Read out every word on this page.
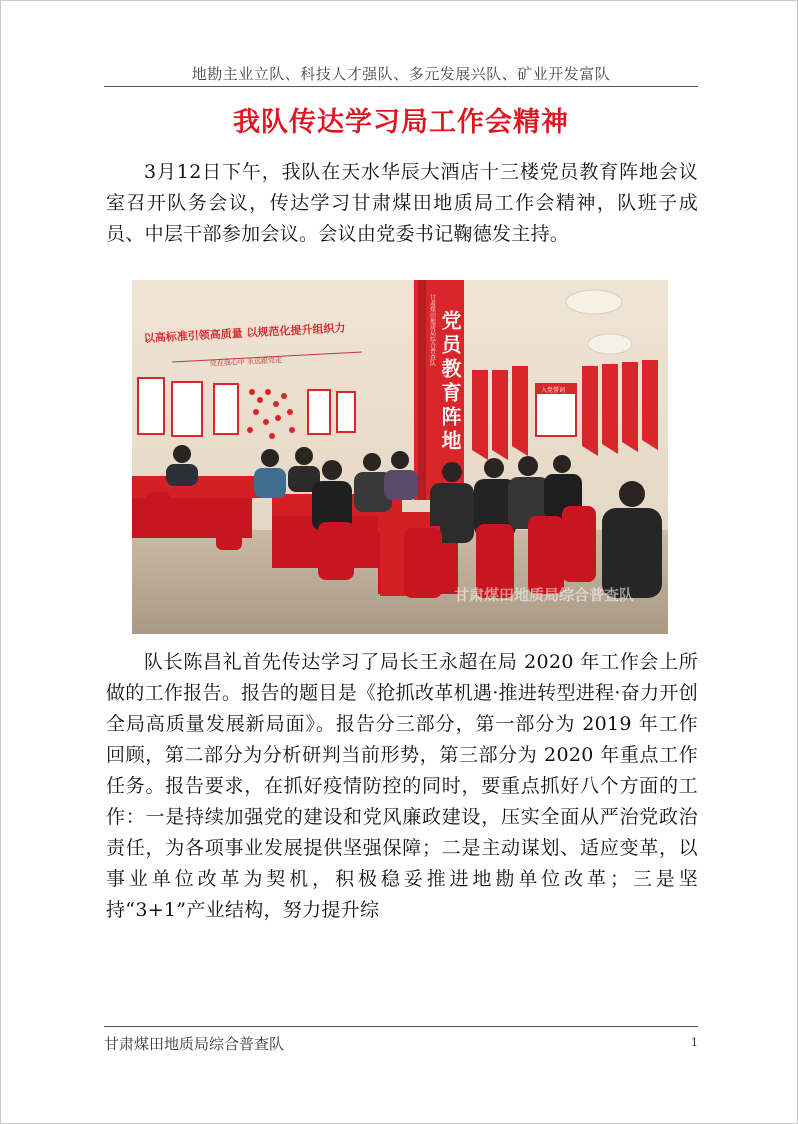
地勘主业立队、科技人才强队、多元发展兴队、矿业开发富队
我队传达学习局工作会精神

3月12日下午，我队在天水华辰大酒店十三楼党员教育阵地会议室召开队务会议，传达学习甘肃煤田地质局工作会精神，队班子成员、中层干部参加会议。会议由党委书记鞠德发主持。

以高标准引领高质量 以规范化提升组织力
党在我心中 永远跟党走	党员教育阵地
甘肃煤田地质局综合普查队
入党誓词
甘肃煤田地质局综合普查队

队长陈昌礼首先传达学习了局长王永超在局 2020 年工作会上所做的工作报告。报告的题目是《抢抓改革机遇·推进转型进程·奋力开创全局高质量发展新局面》。报告分三部分，第一部分为 2019 年工作回顾，第二部分为分析研判当前形势，第三部分为 2020 年重点工作任务。报告要求，在抓好疫情防控的同时，要重点抓好八个方面的工作：一是持续加强党的建设和党风廉政建设，压实全面从严治党政治责任，为各项事业发展提供坚强保障；二是主动谋划、适应变革，以事业单位改革为契机，积极稳妥推进地勘单位改革；三是坚持“3+1”产业结构，努力提升综

甘肃煤田地质局综合普查队	1
